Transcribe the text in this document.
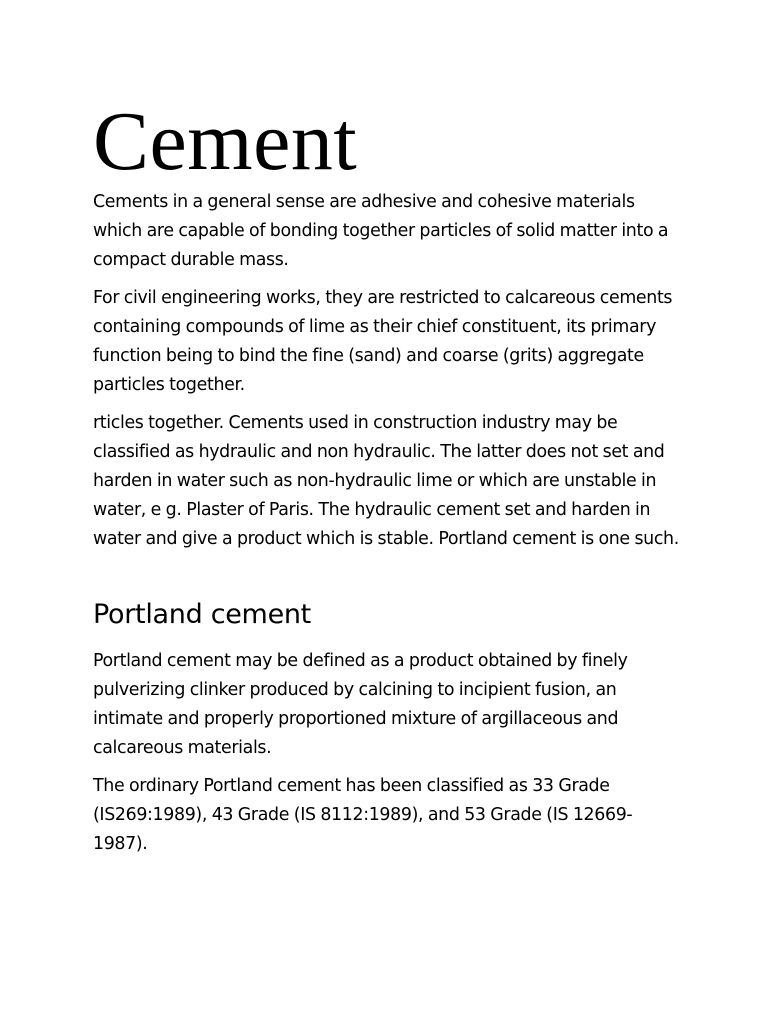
Cement

Cements in a general sense are adhesive and cohesive materials which are capable of bonding together particles of solid matter into a compact durable mass.

For civil engineering works, they are restricted to calcareous cements containing compounds of lime as their chief constituent, its primary function being to bind the fine (sand) and coarse (grits) aggregate particles together.

rticles together. Cements used in construction industry may be classified as hydraulic and non hydraulic. The latter does not set and harden in water such as non-hydraulic lime or which are unstable in water, e g. Plaster of Paris. The hydraulic cement set and harden in water and give a product which is stable. Portland cement is one such.

Portland cement

Portland cement may be defined as a product obtained by finely pulverizing clinker produced by calcining to incipient fusion, an intimate and properly proportioned mixture of argillaceous and calcareous materials.

The ordinary Portland cement has been classified as 33 Grade (IS269:1989), 43 Grade (IS 8112:1989), and 53 Grade (IS 12669-1987).
